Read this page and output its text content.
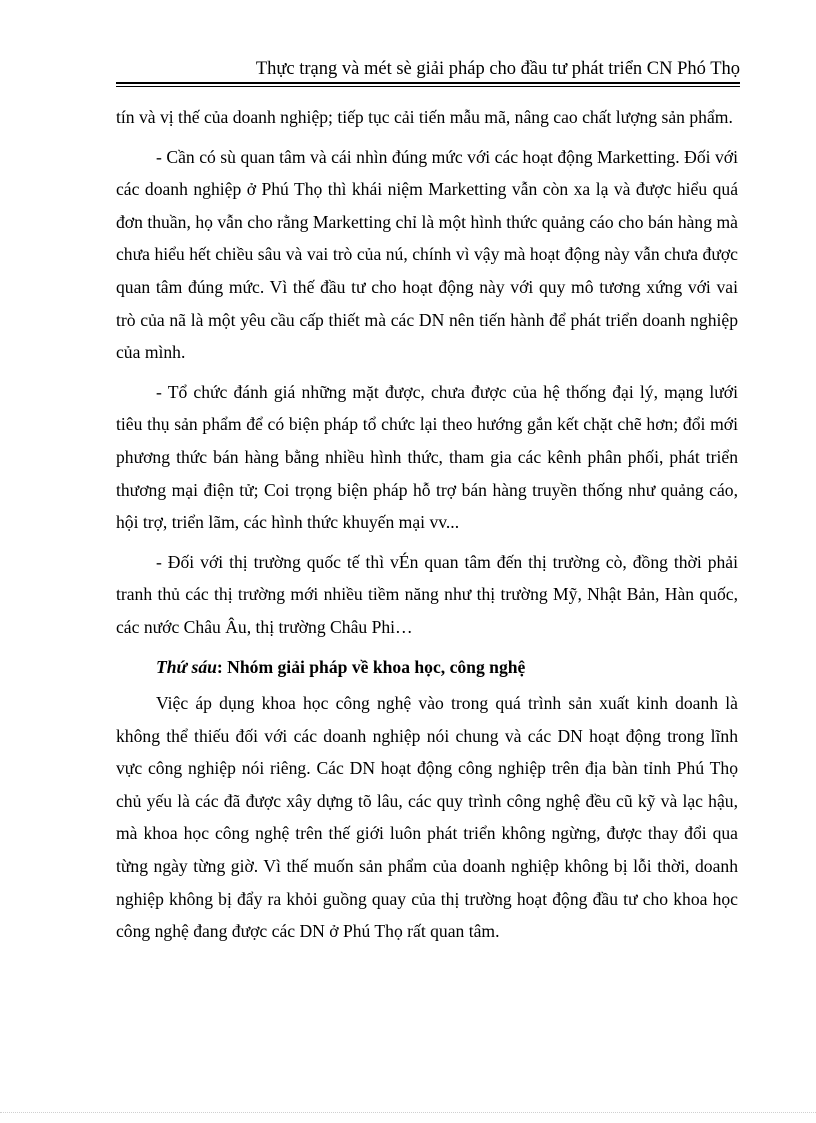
Thực trạng và mét sè giải pháp cho đầu tư phát triển CN Phó Thọ

tín và vị thế của doanh nghiệp; tiếp tục cải tiến mẫu mã, nâng cao chất lượng sản phẩm.

- Cần có sù quan tâm và cái nhìn đúng mức với các hoạt động Marketting. Đối với các doanh nghiệp ở Phú Thọ thì khái niệm Marketting vẫn còn xa lạ và được hiểu quá đơn thuần, họ vẫn cho rằng Marketting chỉ là một hình thức quảng cáo cho bán hàng mà chưa hiểu hết chiều sâu và vai trò của nú, chính vì vậy mà hoạt động này vẫn chưa được quan tâm đúng mức. Vì thế đầu tư cho hoạt động này với quy mô tương xứng với vai trò của nã là một yêu cầu cấp thiết mà các DN nên tiến hành để phát triển doanh nghiệp của mình.

- Tổ chức đánh giá những mặt được, chưa được của hệ thống đại lý, mạng lưới tiêu thụ sản phẩm để có biện pháp tổ chức lại theo hướng gắn kết chặt chẽ hơn; đổi mới phương thức bán hàng bằng nhiều hình thức, tham gia các kênh phân phối, phát triển thương mại điện tử; Coi trọng biện pháp hỗ trợ bán hàng truyền thống như quảng cáo, hội trợ, triển lãm, các hình thức khuyến mại vv...

- Đối với thị trường quốc tế thì vÉn quan tâm đến thị trường cò, đồng thời phải tranh thủ các thị trường mới nhiều tiềm năng như thị trường Mỹ, Nhật Bản, Hàn quốc, các nước Châu Âu, thị trường Châu Phi…

Thứ sáu: Nhóm giải pháp về khoa học, công nghệ

Việc áp dụng khoa học công nghệ vào trong quá trình sản xuất kinh doanh là không thể thiếu đối với các doanh nghiệp nói chung và các DN hoạt động trong lĩnh vực công nghiệp nói riêng. Các DN hoạt động công nghiệp trên địa bàn tỉnh Phú Thọ chủ yếu là các đã được xây dựng tõ lâu, các quy trình công nghệ đều cũ kỹ và lạc hậu, mà khoa học công nghệ trên thế giới luôn phát triển không ngừng, được thay đổi qua từng ngày từng giờ. Vì thế muốn sản phẩm của doanh nghiệp không bị lỗi thời, doanh nghiệp không bị đẩy ra khỏi guồng quay của thị trường hoạt động đầu tư cho khoa học công nghệ đang được các DN ở Phú Thọ rất quan tâm.
